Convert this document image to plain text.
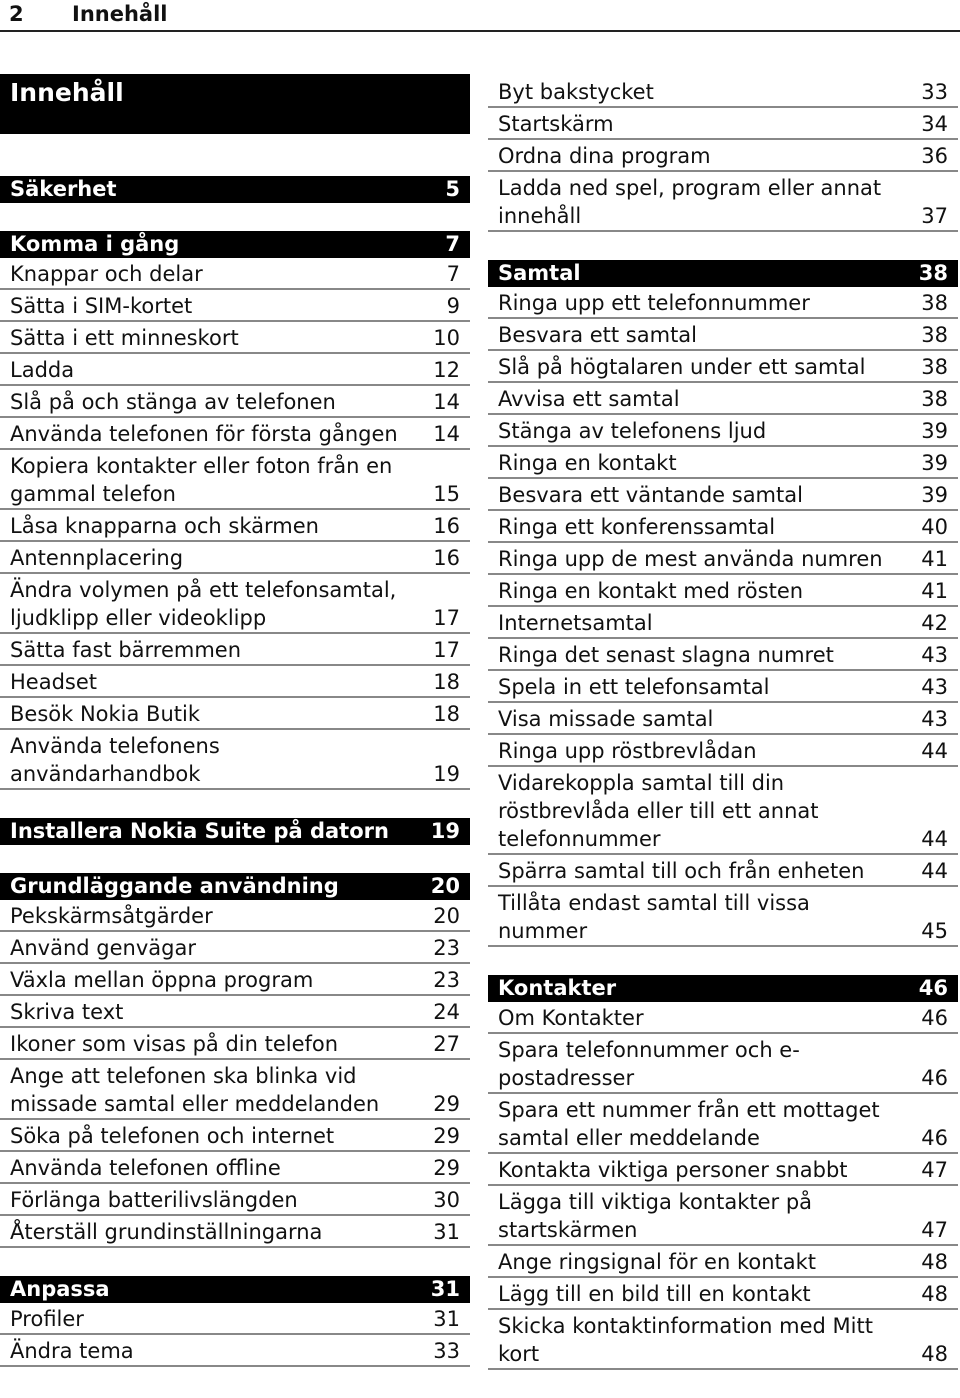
2 Innehåll
Innehåll
Säkerhet	5
Komma i gång	7
Knappar och delar	7
Sätta i SIM-kortet	9
Sätta i ett minneskort	10
Ladda	12
Slå på och stänga av telefonen	14
Använda telefonen för första gången	14
Kopiera kontakter eller foton från en
gammal telefon	15
Låsa knapparna och skärmen	16
Antennplacering	16
Ändra volymen på ett telefonsamtal,
ljudklipp eller videoklipp	17
Sätta fast bärremmen	17
Headset	18
Besök Nokia Butik	18
Använda telefonens
användarhandbok	19
Installera Nokia Suite på datorn 19
Grundläggande användning	20
Pekskärmsåtgärder	20
Använd genvägar	23
Växla mellan öppna program	23
Skriva text	24
Ikoner som visas på din telefon	27
Ange att telefonen ska blinka vid
missade samtal eller meddelanden	29
Söka på telefonen och internet	29
Använda telefonen offline	29
Förlänga batterilivslängden	30
Återställ grundinställningarna	31
Anpassa	31
Profiler	31
Ändra tema	33
Byt bakstycket	33
Startskärm	34
Ordna dina program	36
Ladda ned spel, program eller annat
innehåll	37
Samtal	38
Ringa upp ett telefonnummer	38
Besvara ett samtal	38
Slå på högtalaren under ett samtal	38
Avvisa ett samtal	38
Stänga av telefonens ljud	39
Ringa en kontakt	39
Besvara ett väntande samtal	39
Ringa ett konferenssamtal	40
Ringa upp de mest använda numren	41
Ringa en kontakt med rösten	41
Internetsamtal	42
Ringa det senast slagna numret	43
Spela in ett telefonsamtal	43
Visa missade samtal	43
Ringa upp röstbrevlådan	44
Vidarekoppla samtal till din
röstbrevlåda eller till ett annat
telefonnummer	44
Spärra samtal till och från enheten	44
Tillåta endast samtal till vissa
nummer	45
Kontakter	46
Om Kontakter	46
Spara telefonnummer och e-
postadresser	46
Spara ett nummer från ett mottaget
samtal eller meddelande	46
Kontakta viktiga personer snabbt	47
Lägga till viktiga kontakter på
startskärmen	47
Ange ringsignal för en kontakt	48
Lägg till en bild till en kontakt	48
Skicka kontaktinformation med Mitt
kort	48
